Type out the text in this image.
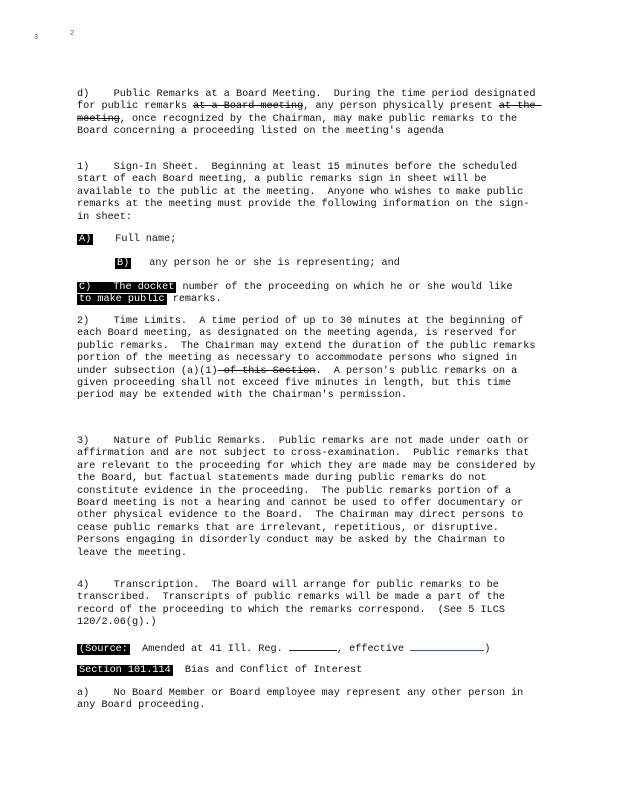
3	2
d)    Public Remarks at a Board Meeting.  During the time period designated for public remarks at a Board meeting, any person physically present at the meeting, once recognized by the Chairman, may make public remarks to the Board concerning a proceeding listed on the meeting's agenda
1)    Sign-In Sheet.  Beginning at least 15 minutes before the scheduled start of each Board meeting, a public remarks sign in sheet will be available to the public at the meeting.  Anyone who wishes to make public remarks at the meeting must provide the following information on the sign-in sheet:
A) Full name;
B) any person he or she is representing; and
C) The docket number of the proceeding on which he or she would like
to make public remarks.
2)    Time Limits.  A time period of up to 30 minutes at the beginning of each Board meeting, as designated on the meeting agenda, is reserved for public remarks.  The Chairman may extend the duration of the public remarks portion of the meeting as necessary to accommodate persons who signed in under subsection (a)(1) of this Section.  A person's public remarks on a given proceeding shall not exceed five minutes in length, but this time period may be extended with the Chairman's permission.
3)    Nature of Public Remarks.  Public remarks are not made under oath or affirmation and are not subject to cross-examination.  Public remarks that are relevant to the proceeding for which they are made may be considered by the Board, but factual statements made during public remarks do not constitute evidence in the proceeding.  The public remarks portion of a Board meeting is not a hearing and cannot be used to offer documentary or other physical evidence to the Board.  The Chairman may direct persons to cease public remarks that are irrelevant, repetitious, or disruptive.  Persons engaging in disorderly conduct may be asked by the Chairman to leave the meeting.
4)    Transcription.  The Board will arrange for public remarks to be transcribed.  Transcripts of public remarks will be made a part of the record of the proceeding to which the remarks correspond.  (See 5 ILCS 120/2.06(g).)
(Source:  Amended at 41 Ill. Reg.	, effective	)
Section 101.114  Bias and Conflict of Interest
a)    No Board Member or Board employee may represent any other person in any Board proceeding.
